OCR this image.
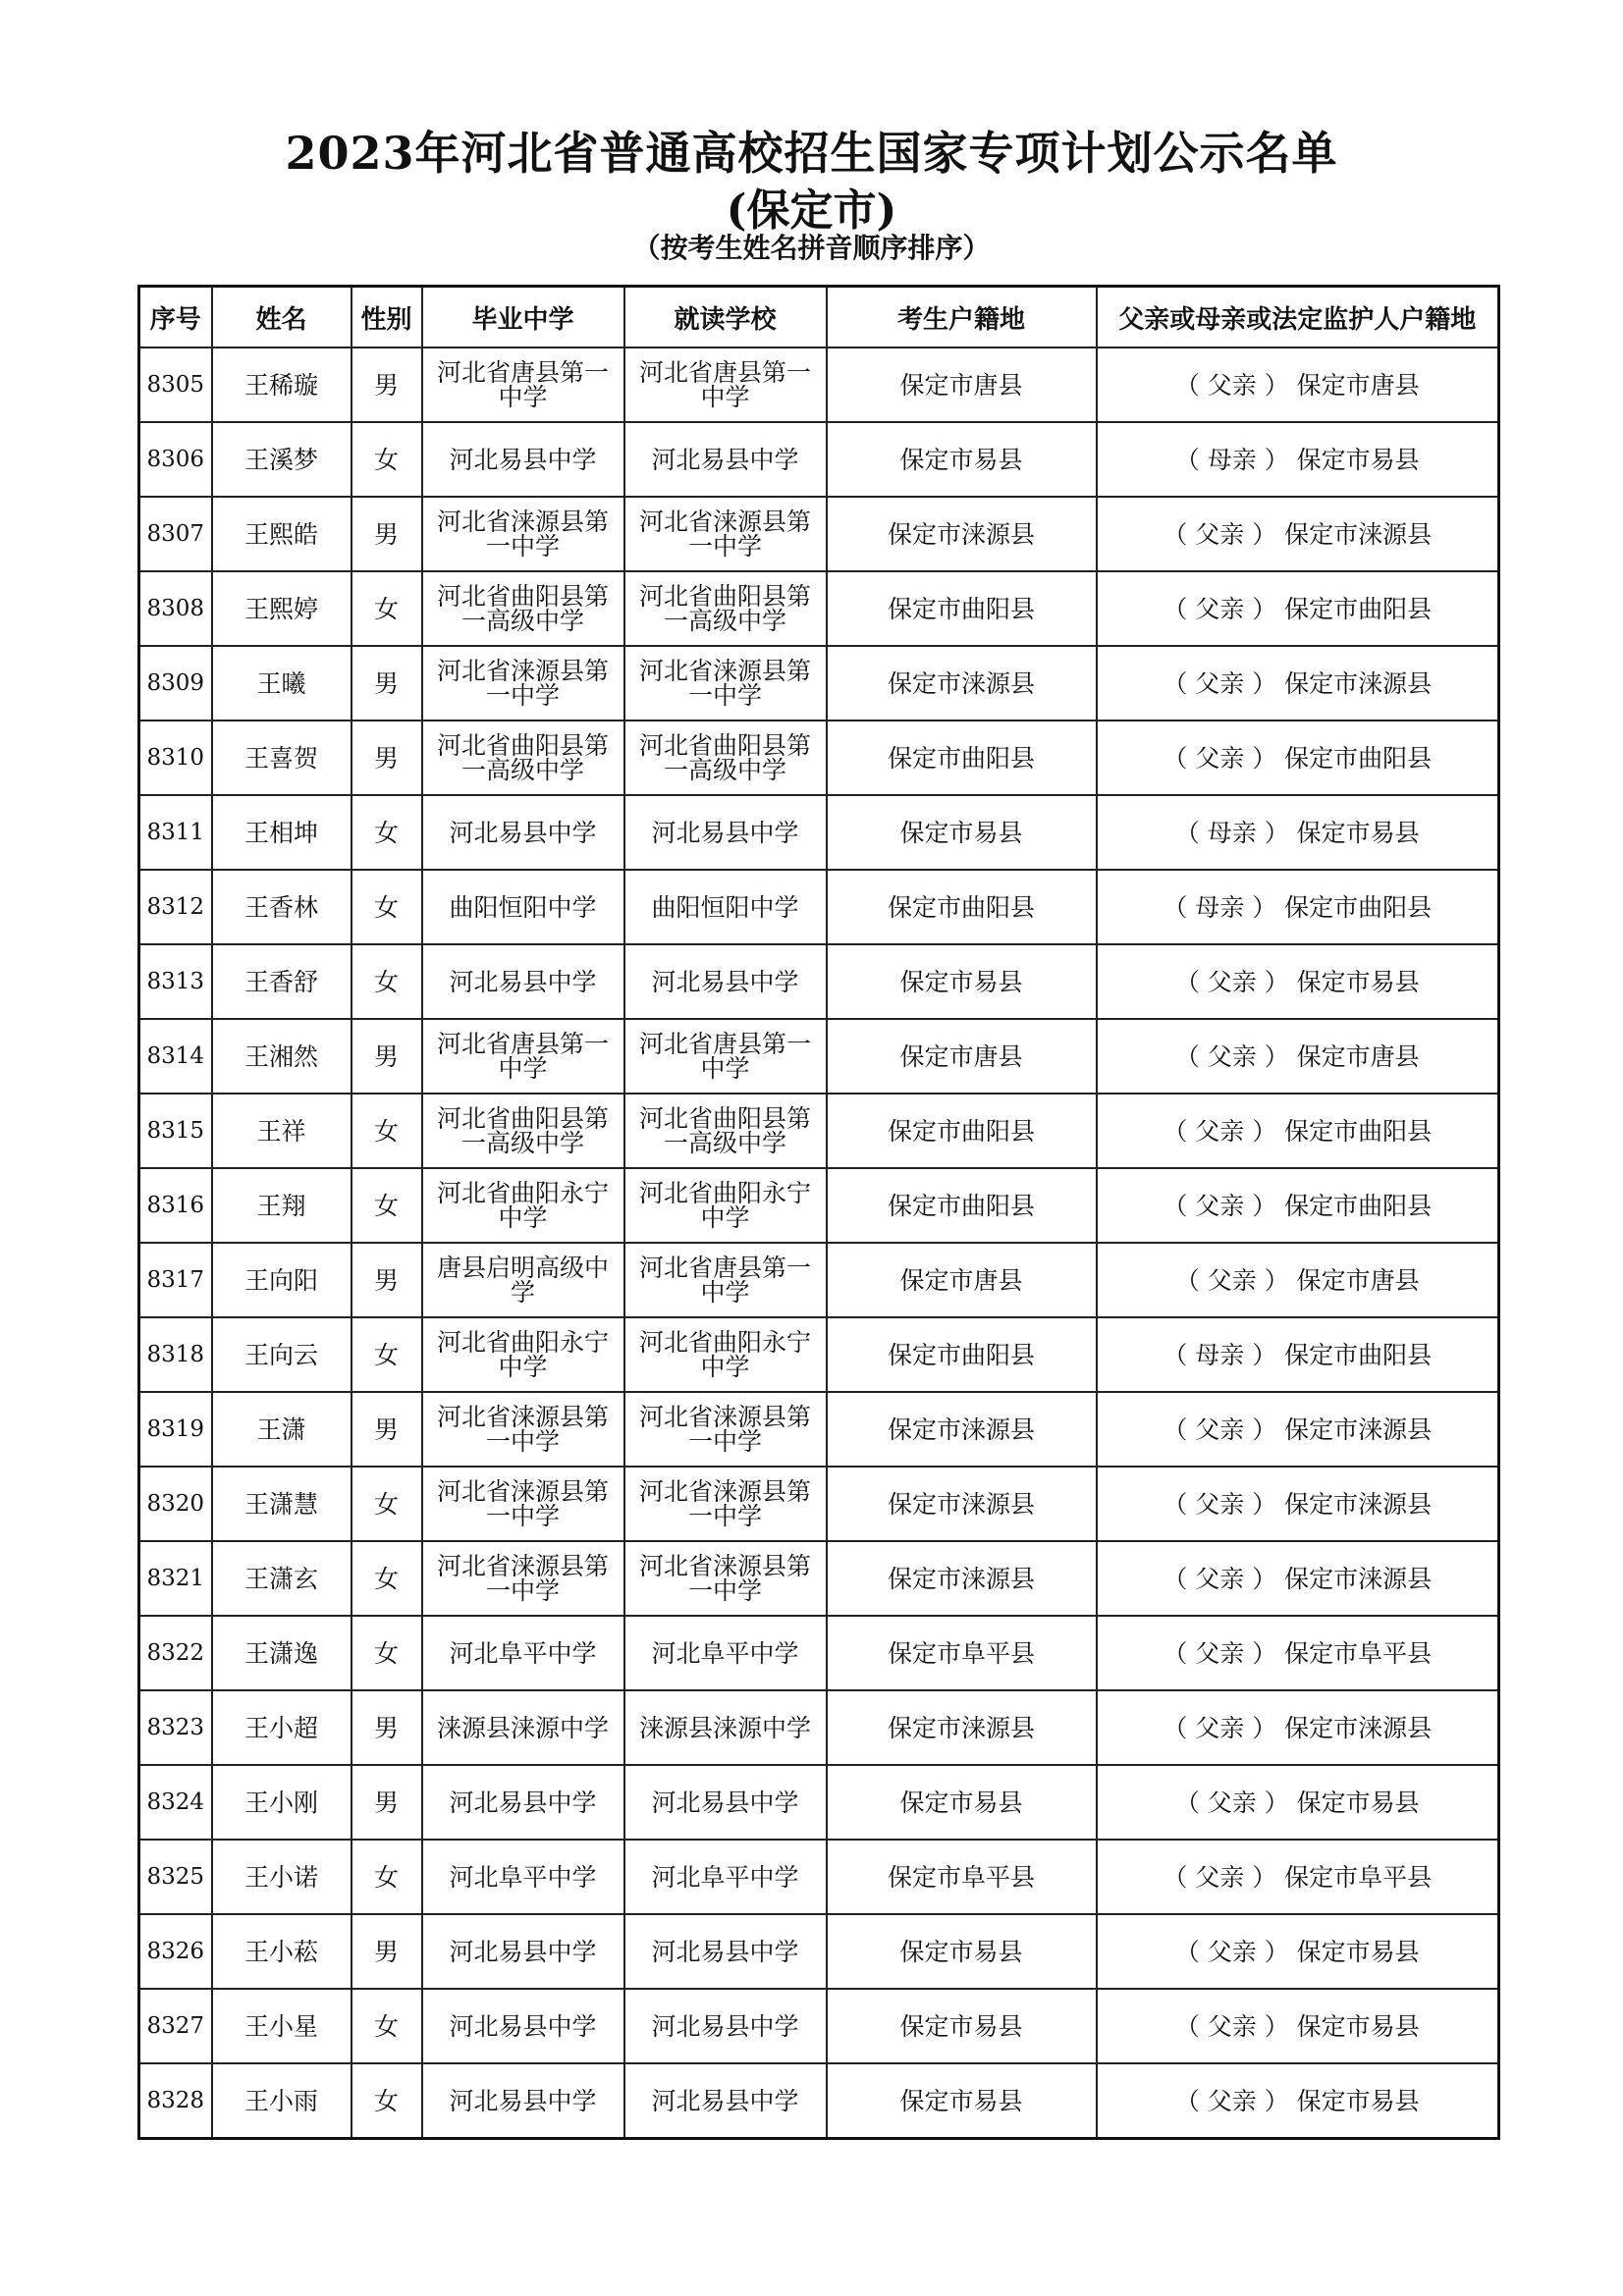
2023年河北省普通高校招生国家专项计划公示名单
(保定市)
（按考生姓名拼音顺序排序）
序号	姓名	性别	毕业中学	就读学校	考生户籍地	父亲或母亲或法定监护人户籍地
8305	王稀璇	男	河北省唐县第一中学	河北省唐县第一中学	保定市唐县	（ 父亲 ） 保定市唐县
8306	王溪梦	女	河北易县中学	河北易县中学	保定市易县	（ 母亲 ） 保定市易县
8307	王熙皓	男	河北省涞源县第一中学	河北省涞源县第一中学	保定市涞源县	（ 父亲 ） 保定市涞源县
8308	王熙婷	女	河北省曲阳县第一高级中学	河北省曲阳县第一高级中学	保定市曲阳县	（ 父亲 ） 保定市曲阳县
8309	王曦	男	河北省涞源县第一中学	河北省涞源县第一中学	保定市涞源县	（ 父亲 ） 保定市涞源县
8310	王喜贺	男	河北省曲阳县第一高级中学	河北省曲阳县第一高级中学	保定市曲阳县	（ 父亲 ） 保定市曲阳县
8311	王相坤	女	河北易县中学	河北易县中学	保定市易县	（ 母亲 ） 保定市易县
8312	王香林	女	曲阳恒阳中学	曲阳恒阳中学	保定市曲阳县	（ 母亲 ） 保定市曲阳县
8313	王香舒	女	河北易县中学	河北易县中学	保定市易县	（ 父亲 ） 保定市易县
8314	王湘然	男	河北省唐县第一中学	河北省唐县第一中学	保定市唐县	（ 父亲 ） 保定市唐县
8315	王祥	女	河北省曲阳县第一高级中学	河北省曲阳县第一高级中学	保定市曲阳县	（ 父亲 ） 保定市曲阳县
8316	王翔	女	河北省曲阳永宁中学	河北省曲阳永宁中学	保定市曲阳县	（ 父亲 ） 保定市曲阳县
8317	王向阳	男	唐县启明高级中学	河北省唐县第一中学	保定市唐县	（ 父亲 ） 保定市唐县
8318	王向云	女	河北省曲阳永宁中学	河北省曲阳永宁中学	保定市曲阳县	（ 母亲 ） 保定市曲阳县
8319	王潇	男	河北省涞源县第一中学	河北省涞源县第一中学	保定市涞源县	（ 父亲 ） 保定市涞源县
8320	王潇慧	女	河北省涞源县第一中学	河北省涞源县第一中学	保定市涞源县	（ 父亲 ） 保定市涞源县
8321	王潇玄	女	河北省涞源县第一中学	河北省涞源县第一中学	保定市涞源县	（ 父亲 ） 保定市涞源县
8322	王潇逸	女	河北阜平中学	河北阜平中学	保定市阜平县	（ 父亲 ） 保定市阜平县
8323	王小超	男	涞源县涞源中学	涞源县涞源中学	保定市涞源县	（ 父亲 ） 保定市涞源县
8324	王小刚	男	河北易县中学	河北易县中学	保定市易县	（ 父亲 ） 保定市易县
8325	王小诺	女	河北阜平中学	河北阜平中学	保定市阜平县	（ 父亲 ） 保定市阜平县
8326	王小菘	男	河北易县中学	河北易县中学	保定市易县	（ 父亲 ） 保定市易县
8327	王小星	女	河北易县中学	河北易县中学	保定市易县	（ 父亲 ） 保定市易县
8328	王小雨	女	河北易县中学	河北易县中学	保定市易县	（ 父亲 ） 保定市易县
